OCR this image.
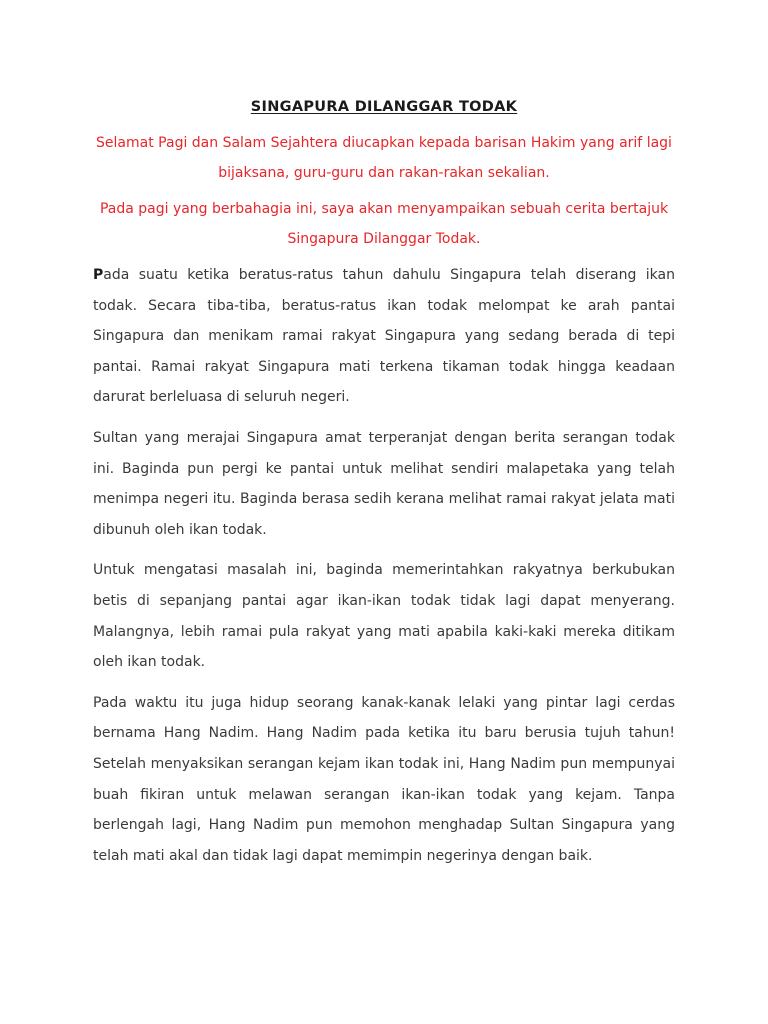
SINGAPURA DILANGGAR TODAK

Selamat Pagi dan Salam Sejahtera diucapkan kepada barisan Hakim yang arif lagi bijaksana, guru-guru dan rakan-rakan sekalian.

Pada pagi yang berbahagia ini, saya akan menyampaikan sebuah cerita bertajuk Singapura Dilanggar Todak.

Pada suatu ketika beratus-ratus tahun dahulu Singapura telah diserang ikan todak. Secara tiba-tiba, beratus-ratus ikan todak melompat ke arah pantai Singapura dan menikam ramai rakyat Singapura yang sedang berada di tepi pantai. Ramai rakyat Singapura mati terkena tikaman todak hingga keadaan darurat berleluasa di seluruh negeri.

Sultan yang merajai Singapura amat terperanjat dengan berita serangan todak ini. Baginda pun pergi ke pantai untuk melihat sendiri malapetaka yang telah menimpa negeri itu. Baginda berasa sedih kerana melihat ramai rakyat jelata mati dibunuh oleh ikan todak.

Untuk mengatasi masalah ini, baginda memerintahkan rakyatnya berkubukan betis di sepanjang pantai agar ikan-ikan todak tidak lagi dapat menyerang. Malangnya, lebih ramai pula rakyat yang mati apabila kaki-kaki mereka ditikam oleh ikan todak.

Pada waktu itu juga hidup seorang kanak-kanak lelaki yang pintar lagi cerdas bernama Hang Nadim. Hang Nadim pada ketika itu baru berusia tujuh tahun! Setelah menyaksikan serangan kejam ikan todak ini, Hang Nadim pun mempunyai buah fikiran untuk melawan serangan ikan-ikan todak yang kejam. Tanpa berlengah lagi, Hang Nadim pun memohon menghadap Sultan Singapura yang telah mati akal dan tidak lagi dapat memimpin negerinya dengan baik.
